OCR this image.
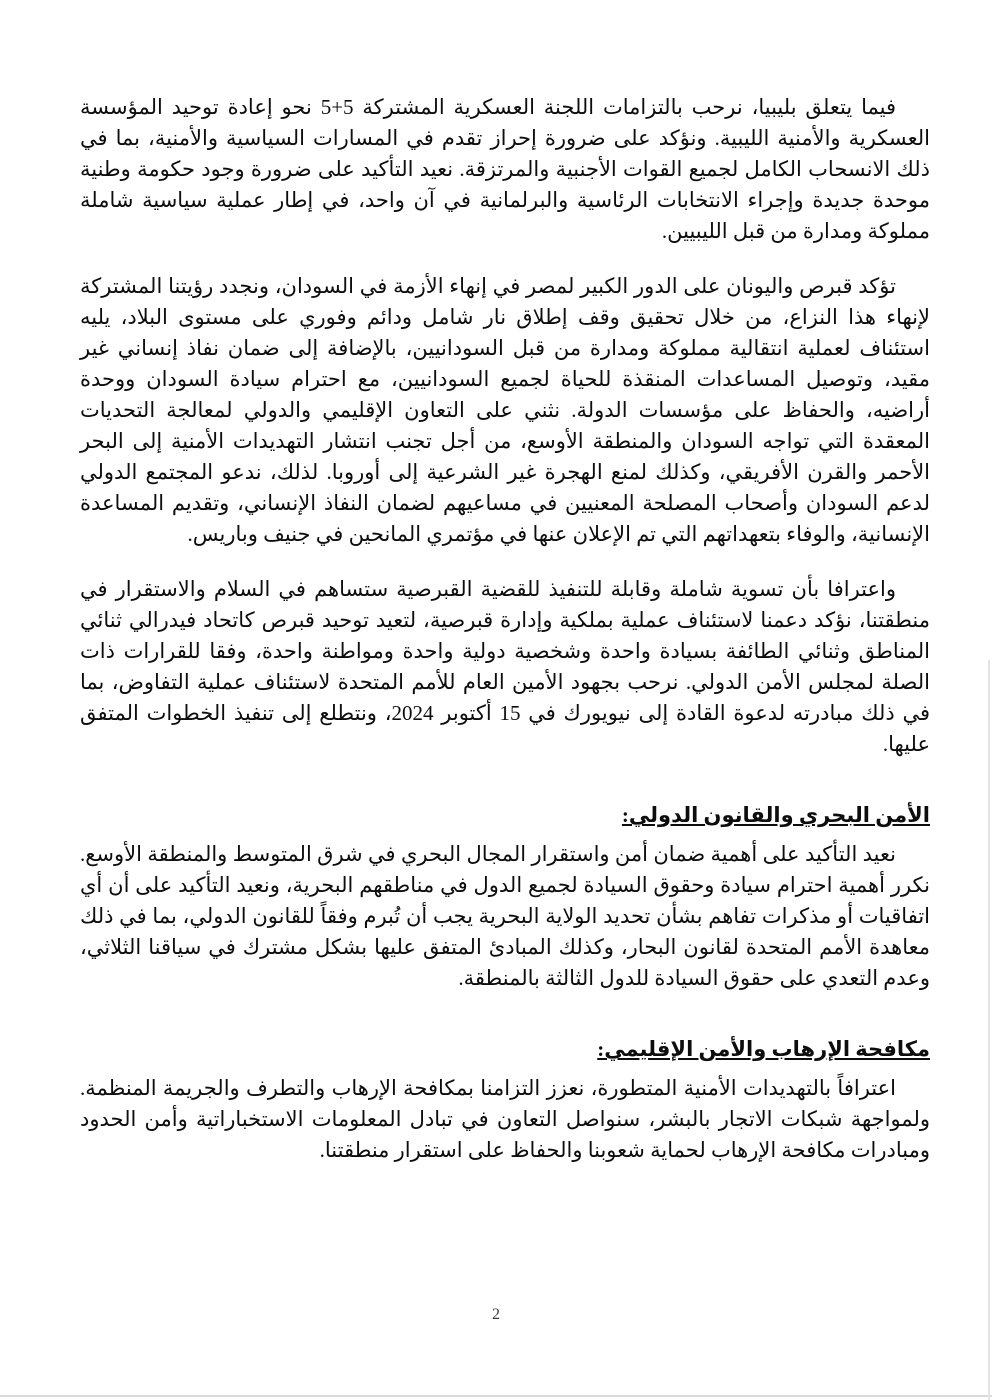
فيما يتعلق بليبيا، نرحب بالتزامات اللجنة العسكرية المشتركة 5+5 نحو إعادة توحيد المؤسسة العسكرية والأمنية الليبية. ونؤكد على ضرورة إحراز تقدم في المسارات السياسية والأمنية، بما في ذلك الانسحاب الكامل لجميع القوات الأجنبية والمرتزقة. نعيد التأكيد على ضرورة وجود حكومة وطنية موحدة جديدة وإجراء الانتخابات الرئاسية والبرلمانية في آن واحد، في إطار عملية سياسية شاملة مملوكة ومدارة من قبل الليبيين.

تؤكد قبرص واليونان على الدور الكبير لمصر في إنهاء الأزمة في السودان، ونجدد رؤيتنا المشتركة لإنهاء هذا النزاع، من خلال تحقيق وقف إطلاق نار شامل ودائم وفوري على مستوى البلاد، يليه استئناف لعملية انتقالية مملوكة ومدارة من قبل السودانيين، بالإضافة إلى ضمان نفاذ إنساني غير مقيد، وتوصيل المساعدات المنقذة للحياة لجميع السودانيين، مع احترام سيادة السودان ووحدة أراضيه، والحفاظ على مؤسسات الدولة. نثني على التعاون الإقليمي والدولي لمعالجة التحديات المعقدة التي تواجه السودان والمنطقة الأوسع، من أجل تجنب انتشار التهديدات الأمنية إلى البحر الأحمر والقرن الأفريقي، وكذلك لمنع الهجرة غير الشرعية إلى أوروبا. لذلك، ندعو المجتمع الدولي لدعم السودان وأصحاب المصلحة المعنيين في مساعيهم لضمان النفاذ الإنساني، وتقديم المساعدة الإنسانية، والوفاء بتعهداتهم التي تم الإعلان عنها في مؤتمري المانحين في جنيف وباريس.

واعترافا بأن تسوية شاملة وقابلة للتنفيذ للقضية القبرصية ستساهم في السلام والاستقرار في منطقتنا، نؤكد دعمنا لاستئناف عملية بملكية وإدارة قبرصية، لتعيد توحيد قبرص كاتحاد فيدرالي ثنائي المناطق وثنائي الطائفة بسيادة واحدة وشخصية دولية واحدة ومواطنة واحدة، وفقا للقرارات ذات الصلة لمجلس الأمن الدولي. نرحب بجهود الأمين العام للأمم المتحدة لاستئناف عملية التفاوض، بما في ذلك مبادرته لدعوة القادة إلى نيويورك في 15 أكتوبر 2024، ونتطلع إلى تنفيذ الخطوات المتفق عليها.

الأمن البحري والقانون الدولي:

نعيد التأكيد على أهمية ضمان أمن واستقرار المجال البحري في شرق المتوسط والمنطقة الأوسع. نكرر أهمية احترام سيادة وحقوق السيادة لجميع الدول في مناطقهم البحرية، ونعيد التأكيد على أن أي اتفاقيات أو مذكرات تفاهم بشأن تحديد الولاية البحرية يجب أن تُبرم وفقاً للقانون الدولي، بما في ذلك معاهدة الأمم المتحدة لقانون البحار، وكذلك المبادئ المتفق عليها بشكل مشترك في سياقنا الثلاثي، وعدم التعدي على حقوق السيادة للدول الثالثة بالمنطقة.

مكافحة الإرهاب والأمن الإقليمي:

اعترافاً بالتهديدات الأمنية المتطورة، نعزز التزامنا بمكافحة الإرهاب والتطرف والجريمة المنظمة. ولمواجهة شبكات الاتجار بالبشر، سنواصل التعاون في تبادل المعلومات الاستخباراتية وأمن الحدود ومبادرات مكافحة الإرهاب لحماية شعوبنا والحفاظ على استقرار منطقتنا.

2
